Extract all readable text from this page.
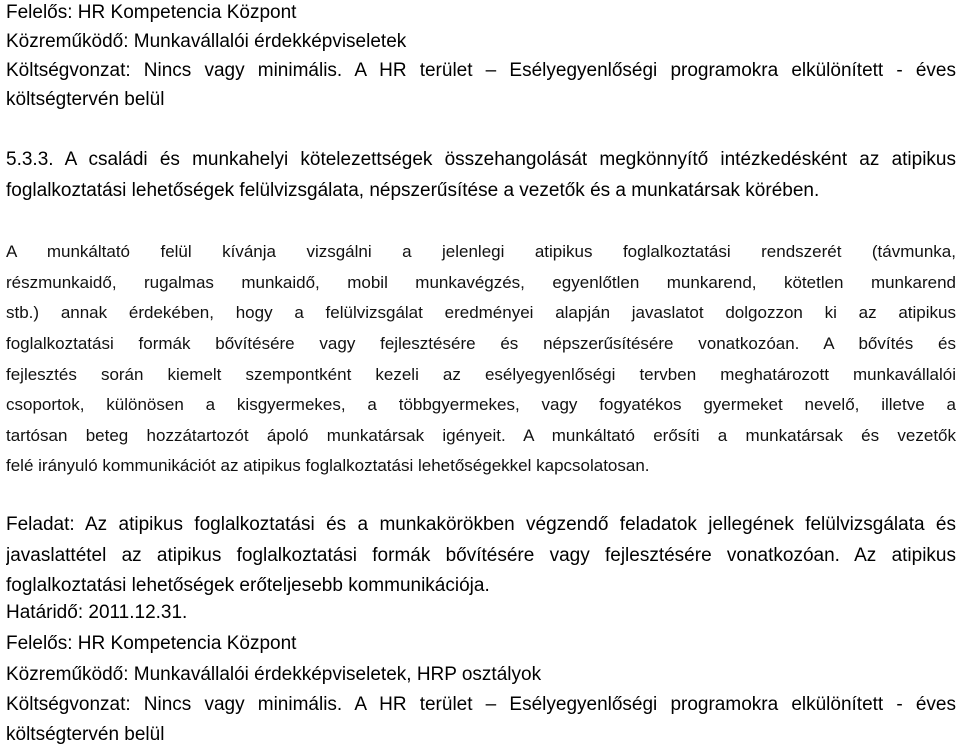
Felelős: HR Kompetencia Központ
Közreműködő: Munkavállalói érdekképviseletek
Költségvonzat: Nincs vagy minimális. A HR terület – Esélyegyenlőségi programokra elkülönített - éves
költségtervén belül
5.3.3. A családi és munkahelyi kötelezettségek összehangolását megkönnyítő intézkedésként az atipikus
foglalkoztatási lehetőségek felülvizsgálata, népszerűsítése a vezetők és a munkatársak körében.
A munkáltató felül kívánja vizsgálni a jelenlegi atipikus foglalkoztatási rendszerét (távmunka,
részmunkaidő, rugalmas munkaidő, mobil munkavégzés, egyenlőtlen munkarend, kötetlen munkarend
stb.) annak érdekében, hogy a felülvizsgálat eredményei alapján javaslatot dolgozzon ki az atipikus
foglalkoztatási formák bővítésére vagy fejlesztésére és népszerűsítésére vonatkozóan. A bővítés és
fejlesztés során kiemelt szempontként kezeli az esélyegyenlőségi tervben meghatározott munkavállalói
csoportok, különösen a kisgyermekes, a többgyermekes, vagy fogyatékos gyermeket nevelő, illetve a
tartósan beteg hozzátartozót ápoló munkatársak igényeit. A munkáltató erősíti a munkatársak és vezetők
felé irányuló kommunikációt az atipikus foglalkoztatási lehetőségekkel kapcsolatosan.
Feladat: Az atipikus foglalkoztatási és a munkakörökben végzendő feladatok jellegének felülvizsgálata és
javaslattétel az atipikus foglalkoztatási formák bővítésére vagy fejlesztésére vonatkozóan. Az atipikus
foglalkoztatási lehetőségek erőteljesebb kommunikációja.
Határidő: 2011.12.31.
Felelős: HR Kompetencia Központ
Közreműködő: Munkavállalói érdekképviseletek, HRP osztályok
Költségvonzat: Nincs vagy minimális. A HR terület – Esélyegyenlőségi programokra elkülönített - éves
költségtervén belül
